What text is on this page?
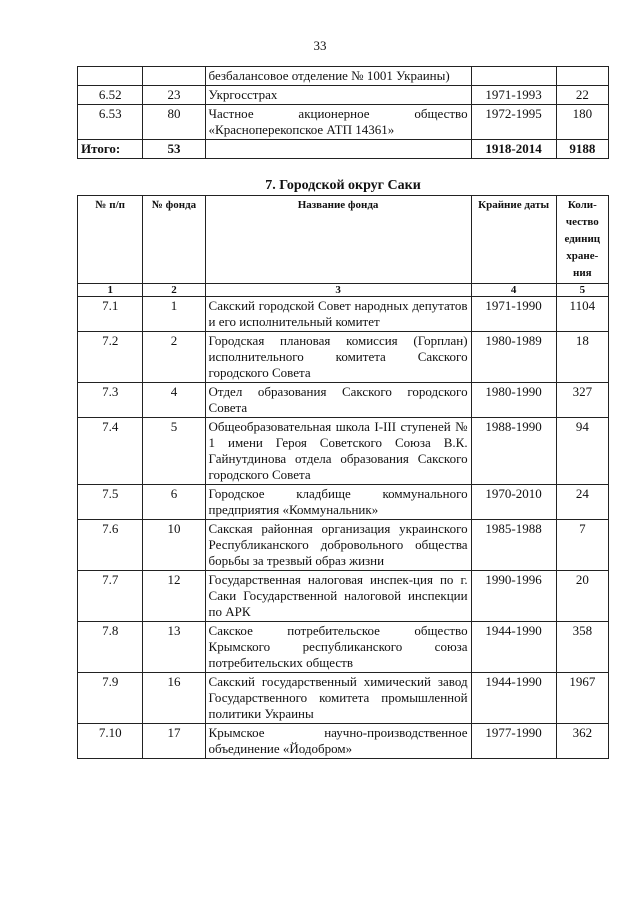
33
		безбалансовое отделение № 1001 Украины)		
6.52	23	Укргосстрах	1971-1993	22
6.53	80	Частное акционерное общество «Красноперекопское АТП 14361»	1972-1995	180
Итого:	53		1918-2014	9188
7. Городской округ Саки
№ п/п	№ фонда	Название фонда	Крайние даты	Коли-чество единиц хране-ния
1	2	3	4	5
7.1	1	Сакский городской Совет народных депутатов и его исполнительный комитет	1971-1990	1104
7.2	2	Городская плановая комиссия (Горплан) исполнительного комитета Сакского городского Совета	1980-1989	18
7.3	4	Отдел образования Сакского городского Совета	1980-1990	327
7.4	5	Общеобразовательная школа I-III ступеней № 1 имени Героя Советского Союза В.К. Гайнутдинова отдела образования Сакского городского Совета	1988-1990	94
7.5	6	Городское кладбище коммунального предприятия «Коммунальник»	1970-2010	24
7.6	10	Сакская районная организация украинского Республиканского добровольного общества борьбы за трезвый образ жизни	1985-1988	7
7.7	12	Государственная налоговая инспек-ция по г. Саки Государственной налоговой инспекции по АРК	1990-1996	20
7.8	13	Сакское потребительское общество Крымского республиканского союза потребительских обществ	1944-1990	358
7.9	16	Сакский государственный химический завод Государственного комитета промышленной политики Украины	1944-1990	1967
7.10	17	Крымское научно-производственное объединение «Йодобром»	1977-1990	362
